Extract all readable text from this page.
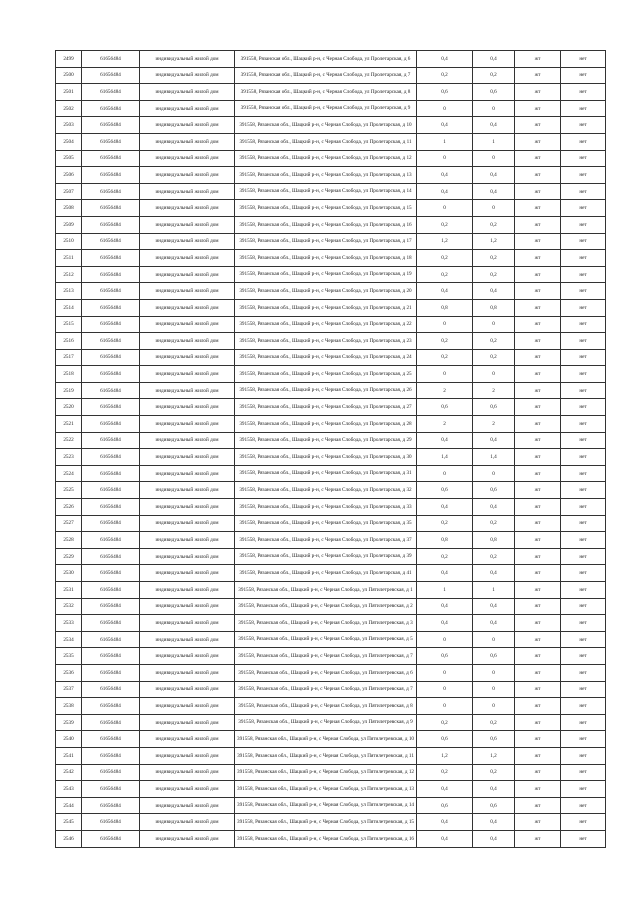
2499	61656484	индивидуальный жилой дом	391558, Рязанская обл., Шацкий р-н, с Черная Слобода, ул Пролетарская, д 6	0,4	0,4	жт	нет
2500	61656484	индивидуальный жилой дом	391558, Рязанская обл., Шацкий р-н, с Черная Слобода, ул Пролетарская, д 7	0,2	0,2	жт	нет
2501	61656484	индивидуальный жилой дом	391558, Рязанская обл., Шацкий р-н, с Черная Слобода, ул Пролетарская, д 8	0,6	0,6	жт	нет
2502	61656484	индивидуальный жилой дом	391558, Рязанская обл., Шацкий р-н, с Черная Слобода, ул Пролетарская, д 9	0	0	жт	нет
2503	61656484	индивидуальный жилой дом	391558, Рязанская обл., Шацкий р-н, с Черная Слобода, ул Пролетарская, д 10	0,4	0,4	жт	нет
2504	61656484	индивидуальный жилой дом	391558, Рязанская обл., Шацкий р-н, с Черная Слобода, ул Пролетарская, д 11	1	1	жт	нет
2505	61656484	индивидуальный жилой дом	391558, Рязанская обл., Шацкий р-н, с Черная Слобода, ул Пролетарская, д 12	0	0	жт	нет
2506	61656484	индивидуальный жилой дом	391558, Рязанская обл., Шацкий р-н, с Черная Слобода, ул Пролетарская, д 13	0,4	0,4	жт	нет
2507	61656484	индивидуальный жилой дом	391558, Рязанская обл., Шацкий р-н, с Черная Слобода, ул Пролетарская, д 14	0,4	0,4	жт	нет
2508	61656484	индивидуальный жилой дом	391558, Рязанская обл., Шацкий р-н, с Черная Слобода, ул Пролетарская, д 15	0	0	жт	нет
2509	61656484	индивидуальный жилой дом	391558, Рязанская обл., Шацкий р-н, с Черная Слобода, ул Пролетарская, д 16	0,2	0,2	жт	нет
2510	61656484	индивидуальный жилой дом	391558, Рязанская обл., Шацкий р-н, с Черная Слобода, ул Пролетарская, д 17	1,2	1,2	жт	нет
2511	61656484	индивидуальный жилой дом	391558, Рязанская обл., Шацкий р-н, с Черная Слобода, ул Пролетарская, д 18	0,2	0,2	жт	нет
2512	61656484	индивидуальный жилой дом	391558, Рязанская обл., Шацкий р-н, с Черная Слобода, ул Пролетарская, д 19	0,2	0,2	жт	нет
2513	61656484	индивидуальный жилой дом	391558, Рязанская обл., Шацкий р-н, с Черная Слобода, ул Пролетарская, д 20	0,4	0,4	жт	нет
2514	61656484	индивидуальный жилой дом	391558, Рязанская обл., Шацкий р-н, с Черная Слобода, ул Пролетарская, д 21	0,8	0,8	жт	нет
2515	61656484	индивидуальный жилой дом	391558, Рязанская обл., Шацкий р-н, с Черная Слобода, ул Пролетарская, д 22	0	0	жт	нет
2516	61656484	индивидуальный жилой дом	391558, Рязанская обл., Шацкий р-н, с Черная Слобода, ул Пролетарская, д 23	0,2	0,2	жт	нет
2517	61656484	индивидуальный жилой дом	391558, Рязанская обл., Шацкий р-н, с Черная Слобода, ул Пролетарская, д 24	0,2	0,2	жт	нет
2518	61656484	индивидуальный жилой дом	391558, Рязанская обл., Шацкий р-н, с Черная Слобода, ул Пролетарская, д 25	0	0	жт	нет
2519	61656484	индивидуальный жилой дом	391558, Рязанская обл., Шацкий р-н, с Черная Слобода, ул Пролетарская, д 26	2	2	жт	нет
2520	61656484	индивидуальный жилой дом	391558, Рязанская обл., Шацкий р-н, с Черная Слобода, ул Пролетарская, д 27	0,6	0,6	жт	нет
2521	61656484	индивидуальный жилой дом	391558, Рязанская обл., Шацкий р-н, с Черная Слобода, ул Пролетарская, д 28	2	2	жт	нет
2522	61656484	индивидуальный жилой дом	391558, Рязанская обл., Шацкий р-н, с Черная Слобода, ул Пролетарская, д 29	0,4	0,4	жт	нет
2523	61656484	индивидуальный жилой дом	391558, Рязанская обл., Шацкий р-н, с Черная Слобода, ул Пролетарская, д 30	1,4	1,4	жт	нет
2524	61656484	индивидуальный жилой дом	391558, Рязанская обл., Шацкий р-н, с Черная Слобода, ул Пролетарская, д 31	0	0	жт	нет
2525	61656484	индивидуальный жилой дом	391558, Рязанская обл., Шацкий р-н, с Черная Слобода, ул Пролетарская, д 32	0,6	0,6	жт	нет
2526	61656484	индивидуальный жилой дом	391558, Рязанская обл., Шацкий р-н, с Черная Слобода, ул Пролетарская, д 33	0,4	0,4	жт	нет
2527	61656484	индивидуальный жилой дом	391558, Рязанская обл., Шацкий р-н, с Черная Слобода, ул Пролетарская, д 35	0,2	0,2	жт	нет
2528	61656484	индивидуальный жилой дом	391558, Рязанская обл., Шацкий р-н, с Черная Слобода, ул Пролетарская, д 37	0,8	0,8	жт	нет
2529	61656484	индивидуальный жилой дом	391558, Рязанская обл., Шацкий р-н, с Черная Слобода, ул Пролетарская, д 39	0,2	0,2	жт	нет
2530	61656484	индивидуальный жилой дом	391558, Рязанская обл., Шацкий р-н, с Черная Слобода, ул Пролетарская, д 41	0,4	0,4	жт	нет
2531	61656484	индивидуальный жилой дом	391558, Рязанская обл., Шацкий р-н, с Черная Слобода, ул Пятилетревская, д 1	1	1	жт	нет
2532	61656484	индивидуальный жилой дом	391558, Рязанская обл., Шацкий р-н, с Черная Слобода, ул Пятилетревская, д 2	0,4	0,4	жт	нет
2533	61656484	индивидуальный жилой дом	391558, Рязанская обл., Шацкий р-н, с Черная Слобода, ул Пятилетревская, д 3	0,4	0,4	жт	нет
2534	61656484	индивидуальный жилой дом	391558, Рязанская обл., Шацкий р-н, с Черная Слобода, ул Пятилетревская, д 5	0	0	жт	нет
2535	61656484	индивидуальный жилой дом	391558, Рязанская обл., Шацкий р-н, с Черная Слобода, ул Пятилетревская, д 7	0,6	0,6	жт	нет
2536	61656484	индивидуальный жилой дом	391558, Рязанская обл., Шацкий р-н, с Черная Слобода, ул Пятилетревская, д 6	0	0	жт	нет
2537	61656484	индивидуальный жилой дом	391558, Рязанская обл., Шацкий р-н, с Черная Слобода, ул Пятилетревская, д 7	0	0	жт	нет
2538	61656484	индивидуальный жилой дом	391558, Рязанская обл., Шацкий р-н, с Черная Слобода, ул Пятилетревская, д 8	0	0	жт	нет
2539	61656484	индивидуальный жилой дом	391558, Рязанская обл., Шацкий р-н, с Черная Слобода, ул Пятилетревская, д 9	0,2	0,2	жт	нет
2540	61656484	индивидуальный жилой дом	391558, Рязанская обл., Шацкий р-н, с Черная Слобода, ул Пятилетревская, д 10	0,6	0,6	жт	нет
2541	61656484	индивидуальный жилой дом	391558, Рязанская обл., Шацкий р-н, с Черная Слобода, ул Пятилетревская, д 11	1,2	1,2	жт	нет
2542	61656484	индивидуальный жилой дом	391558, Рязанская обл., Шацкий р-н, с Черная Слобода, ул Пятилетревская, д 12	0,2	0,2	жт	нет
2543	61656484	индивидуальный жилой дом	391558, Рязанская обл., Шацкий р-н, с Черная Слобода, ул Пятилетревская, д 13	0,4	0,4	жт	нет
2544	61656484	индивидуальный жилой дом	391558, Рязанская обл., Шацкий р-н, с Черная Слобода, ул Пятилетревская, д 14	0,6	0,6	жт	нет
2545	61656484	индивидуальный жилой дом	391558, Рязанская обл., Шацкий р-н, с Черная Слобода, ул Пятилетревская, д 15	0,4	0,4	жт	нет
2546	61656484	индивидуальный жилой дом	391558, Рязанская обл., Шацкий р-н, с Черная Слобода, ул Пятилетревская, д 16	0,4	0,4	жт	нет
